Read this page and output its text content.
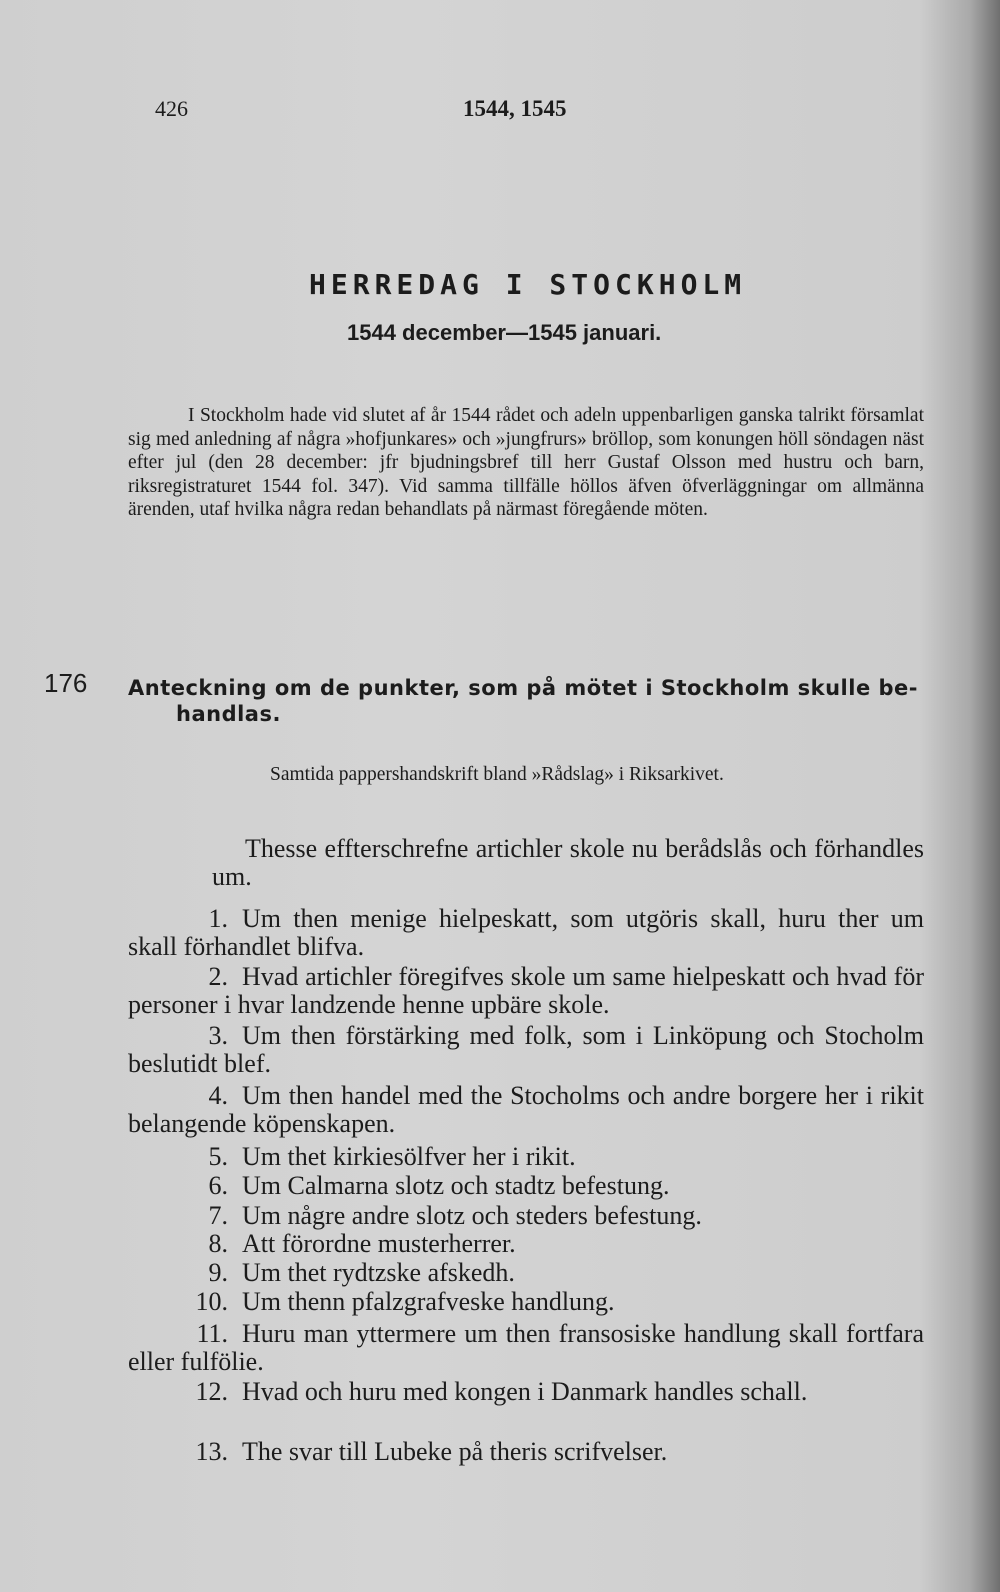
426	1544, 1545
HERREDAG I STOCKHOLM
1544 december—1545 januari.
I Stockholm hade vid slutet af år 1544 rådet och adeln uppenbarligen ganska talrikt församlat sig med anledning af några »hofjunkares» och »jungfrurs» bröllop, som konungen höll söndagen näst efter jul (den 28 december: jfr bjudningsbref till herr Gustaf Olsson med hustru och barn, riksregistraturet 1544 fol. 347). Vid samma tillfälle höllos äfven öfverläggningar om allmänna ärenden, utaf hvilka några redan behandlats på närmast föregående möten.
176 Anteckning om de punkter, som på mötet i Stockholm skulle be-
handlas.
Samtida pappershandskrift bland »Rådslag» i Riksarkivet.
Thesse effterschrefne artichler skole nu berådslås och förhandles um.
1. Um then menige hielpeskatt, som utgöris skall, huru ther um skall förhandlet blifva.
2. Hvad artichler föregifves skole um same hielpeskatt och hvad för personer i hvar landzende henne upbäre skole.
3. Um then förstärking med folk, som i Linköpung och Stocholm beslutidt blef.
4. Um then handel med the Stocholms och andre borgere her i rikit belangende köpenskapen.
5. Um thet kirkiesölfver her i rikit.
6. Um Calmarna slotz och stadtz befestung.
7. Um någre andre slotz och steders befestung.
8. Att förordne musterherrer.
9. Um thet rydtzske afskedh.
10. Um thenn pfalzgrafveske handlung.
11. Huru man yttermere um then fransosiske handlung skall fortfara eller fulfölie.
12. Hvad och huru med kongen i Danmark handles schall.
13. The svar till Lubeke på theris scrifvelser.
